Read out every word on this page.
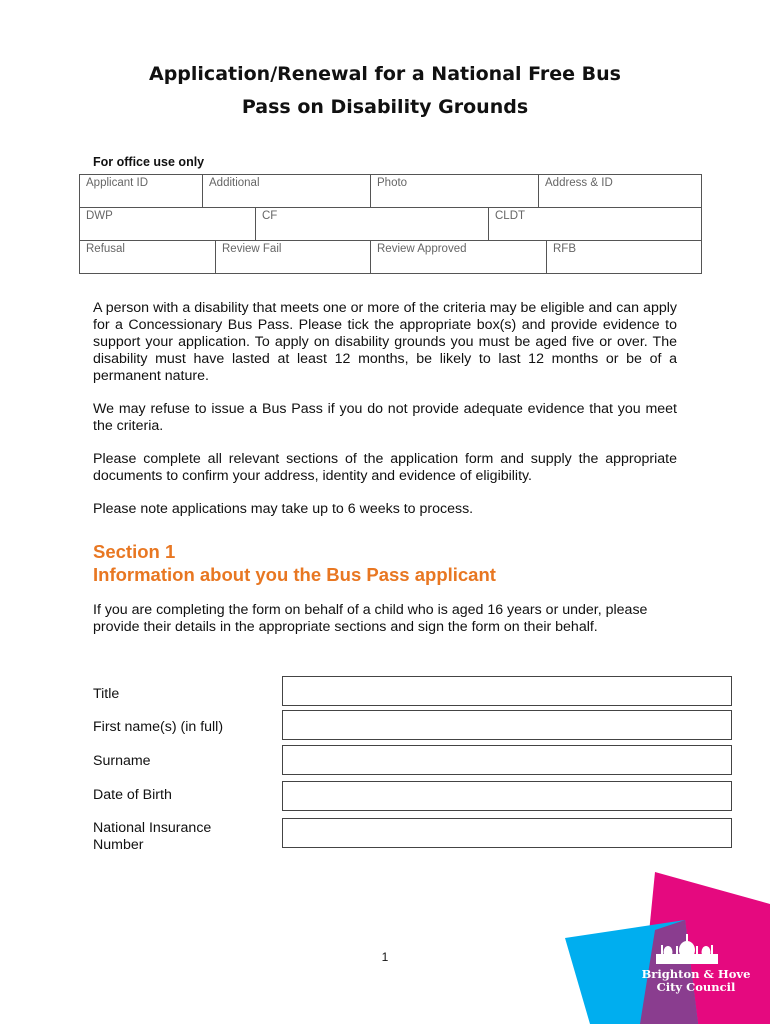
Application/Renewal for a National Free Bus
Pass on Disability Grounds
For office use only
Applicant ID	Additional	Photo	Address & ID
DWP	CF	CLDT
Refusal	Review Fail	Review Approved	RFB
A person with a disability that meets one or more of the criteria may be eligible and can apply for a Concessionary Bus Pass. Please tick the appropriate box(s) and provide evidence to support your application. To apply on disability grounds you must be aged five or over. The disability must have lasted at least 12 months, be likely to last 12 months or be of a permanent nature.
We may refuse to issue a Bus Pass if you do not provide adequate evidence that you meet the criteria.
Please complete all relevant sections of the application form and supply the appropriate documents to confirm your address, identity and evidence of eligibility.
Please note applications may take up to 6 weeks to process.
Section 1
Information about you the Bus Pass applicant
If you are completing the form on behalf of a child who is aged 16 years or under, please provide their details in the appropriate sections and sign the form on their behalf.
Title
First name(s) (in full)
Surname
Date of Birth
National Insurance
Number
1
Brighton & Hove
City Council
